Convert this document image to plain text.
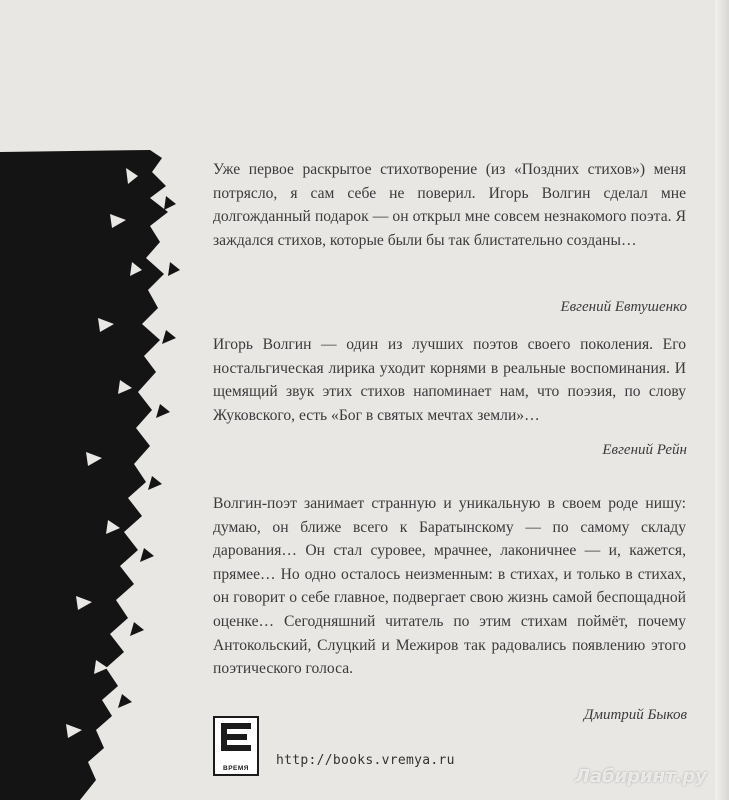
Уже первое раскрытое стихотворение (из «Поздних стихов») меня потрясло, я сам себе не поверил. Игорь Волгин сделал мне долгожданный подарок — он открыл мне совсем незнакомого поэта. Я заждался стихов, которые были бы так блистательно созданы…

Евгений Евтушенко

Игорь Волгин — один из лучших поэтов своего поколения. Его ностальгическая лирика уходит корнями в реальные воспоминания. И щемящий звук этих стихов напоминает нам, что поэзия, по слову Жуковского, есть «Бог в святых мечтах земли»…

Евгений Рейн

Волгин-поэт занимает странную и уникальную в своем роде нишу: думаю, он ближе всего к Баратынскому — по самому складу дарования… Он стал суровее, мрачнее, лаконичнее — и, кажется, прямее… Но одно осталось неизменным: в стихах, и только в стихах, он говорит о себе главное, подвергает свою жизнь самой беспощадной оценке… Сегодняшний читатель по этим стихам поймёт, почему Антокольский, Слуцкий и Межиров так радовались появлению этого поэтического голоса.

Дмитрий Быков

ВРЕМЯ
http://books.vremya.ru
Лабиринт.ру
